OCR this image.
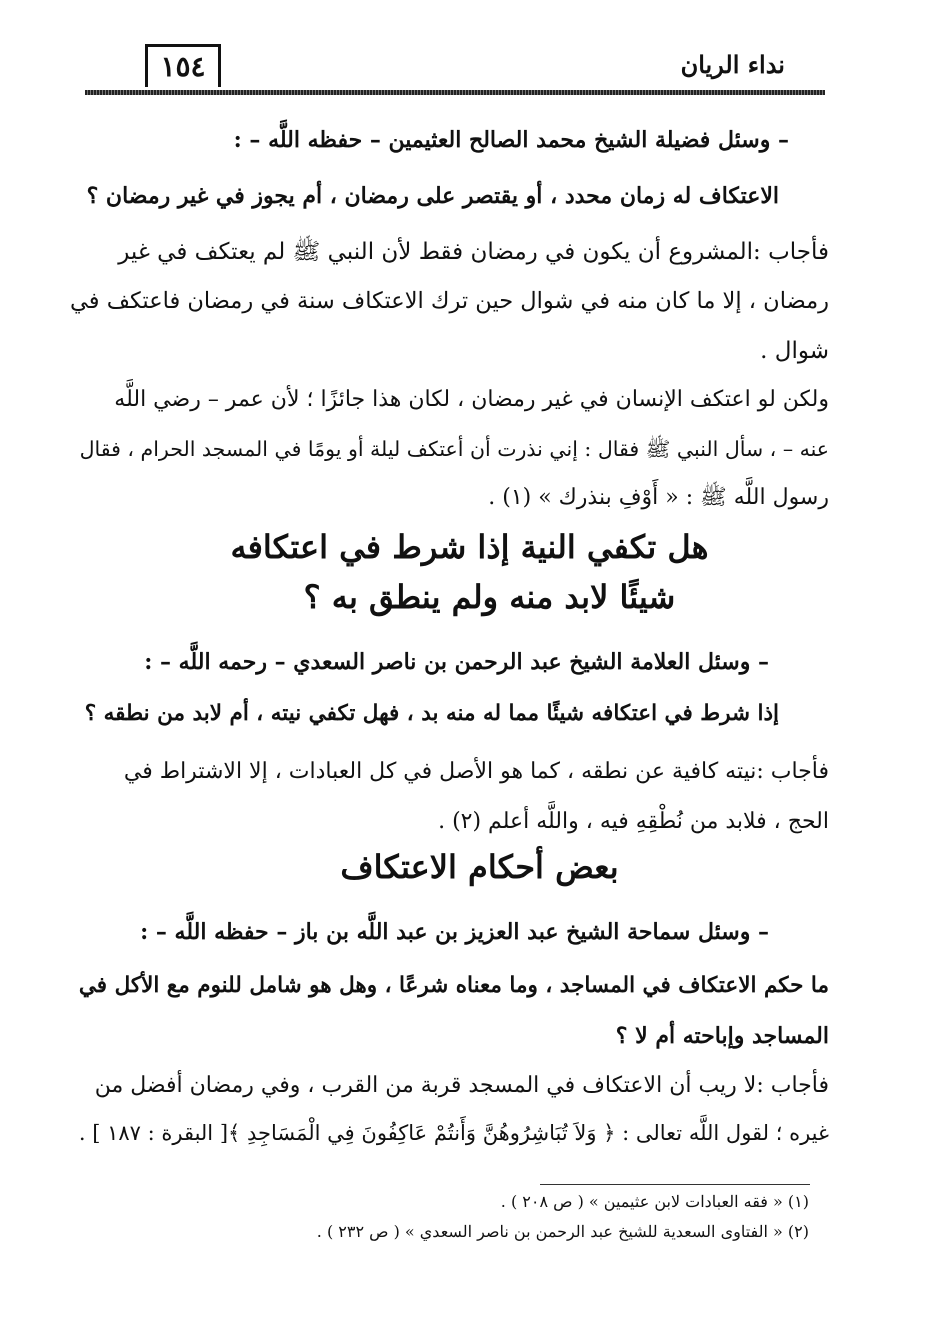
١٥٤	نداء الريان
– وسئل فضيلة الشيخ محمد الصالح العثيمين – حفظه اللَّه – :
الاعتكاف له زمان محدد ، أو يقتصر على رمضان ، أم يجوز في غير رمضان ؟
فأجاب :المشروع أن يكون في رمضان فقط لأن النبي ﷺ لم يعتكف في غير
رمضان ، إلا ما كان منه في شوال حين ترك الاعتكاف سنة في رمضان فاعتكف في
شوال .
ولكن لو اعتكف الإنسان في غير رمضان ، لكان هذا جائزًا ؛ لأن عمر – رضي اللَّه
عنه – ، سأل النبي ﷺ فقال : إني نذرت أن أعتكف ليلة أو يومًا في المسجد الحرام ، فقال
رسول اللَّه ﷺ : « أَوْفِ بنذرك » (١) .
هل تكفي النية إذا شرط في اعتكافه
شيئًا لابد منه ولم ينطق به ؟
– وسئل العلامة الشيخ عبد الرحمن بن ناصر السعدي – رحمه اللَّه – :
إذا شرط في اعتكافه شيئًا مما له منه بد ، فهل تكفي نيته ، أم لابد من نطقه ؟
فأجاب :نيته كافية عن نطقه ، كما هو الأصل في كل العبادات ، إلا الاشتراط في
الحج ، فلابد من نُطْقِهِ فيه ، واللَّه أعلم (٢) .
بعض أحكام الاعتكاف
– وسئل سماحة الشيخ عبد العزيز بن عبد اللَّه بن باز – حفظه اللَّه – :
ما حكم الاعتكاف في المساجد ، وما معناه شرعًا ، وهل هو شامل للنوم مع الأكل في
المساجد وإباحته أم لا ؟
فأجاب :لا ريب أن الاعتكاف في المسجد قربة من القرب ، وفي رمضان أفضل من
غيره ؛ لقول اللَّه تعالى : ﴿ وَلاَ تُبَاشِرُوهُنَّ وَأَنتُمْ عَاكِفُونَ فِي الْمَسَاجِدِ ﴾[ البقرة : ١٨٧ ] .
(١) « فقه العبادات لابن عثيمين » ( ص ٢٠٨ ) .
(٢) « الفتاوى السعدية للشيخ عبد الرحمن بن ناصر السعدي » ( ص ٢٣٢ ) .
